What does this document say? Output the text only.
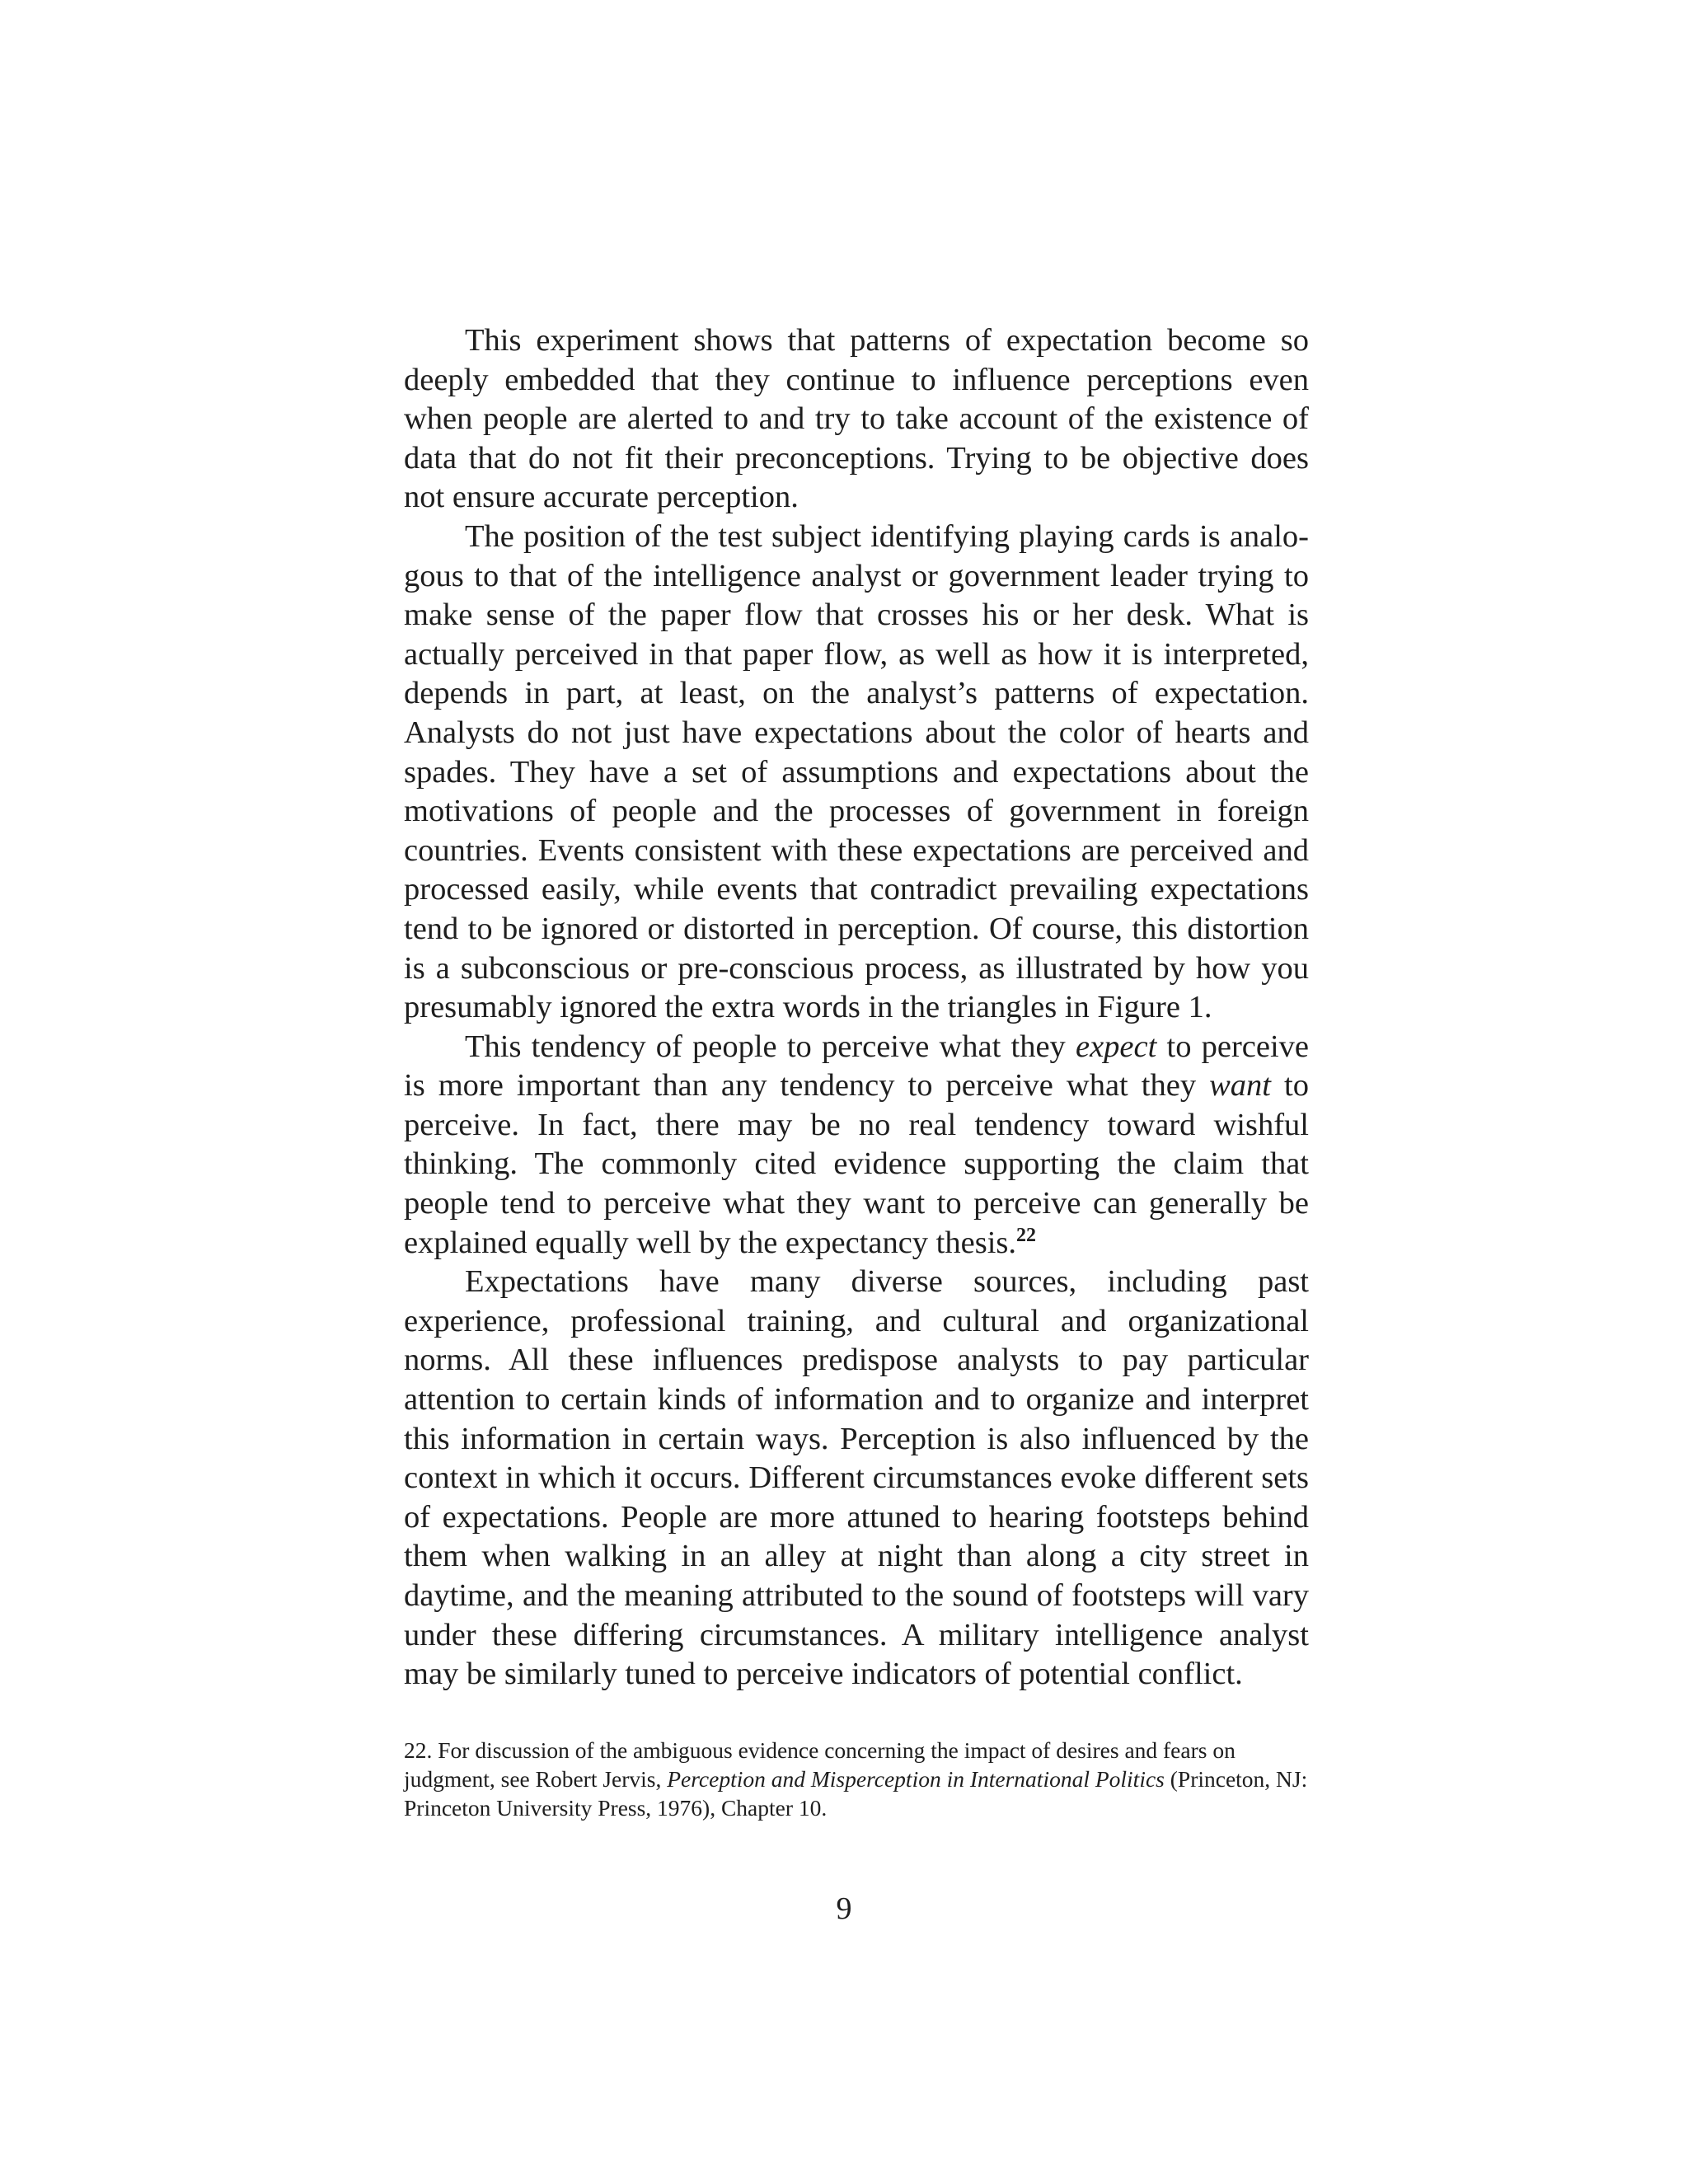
This experiment shows that patterns of expectation become so deeply embedded that they continue to influence perceptions even when people are alerted to and try to take account of the existence of data that do not fit their preconceptions. Trying to be objective does not ensure accurate perception.

The position of the test subject identifying playing cards is analogous to that of the intelligence analyst or government leader trying to make sense of the paper flow that crosses his or her desk. What is actually perceived in that paper flow, as well as how it is interpreted, depends in part, at least, on the analyst’s patterns of expectation. Analysts do not just have expectations about the color of hearts and spades. They have a set of assumptions and expectations about the motivations of people and the processes of government in foreign countries. Events consistent with these expectations are perceived and processed easily, while events that contradict prevailing expectations tend to be ignored or distorted in perception. Of course, this distortion is a subconscious or pre-conscious process, as illustrated by how you presumably ignored the extra words in the triangles in Figure 1.

This tendency of people to perceive what they expect to perceive is more important than any tendency to perceive what they want to perceive. In fact, there may be no real tendency toward wishful thinking. The commonly cited evidence supporting the claim that people tend to perceive what they want to perceive can generally be explained equally well by the expectancy thesis.$^{22}$

Expectations have many diverse sources, including past experience, professional training, and cultural and organizational norms. All these influences predispose analysts to pay particular attention to certain kinds of information and to organize and interpret this information in certain ways. Perception is also influenced by the context in which it occurs. Different circumstances evoke different sets of expectations. People are more attuned to hearing footsteps behind them when walking in an alley at night than along a city street in daytime, and the meaning attributed to the sound of footsteps will vary under these differing circumstances. A military intelligence analyst may be similarly tuned to perceive indicators of potential conflict.

22. For discussion of the ambiguous evidence concerning the impact of desires and fears on judgment, see Robert Jervis, Perception and Misperception in International Politics (Princeton, NJ: Princeton University Press, 1976), Chapter 10.

9
